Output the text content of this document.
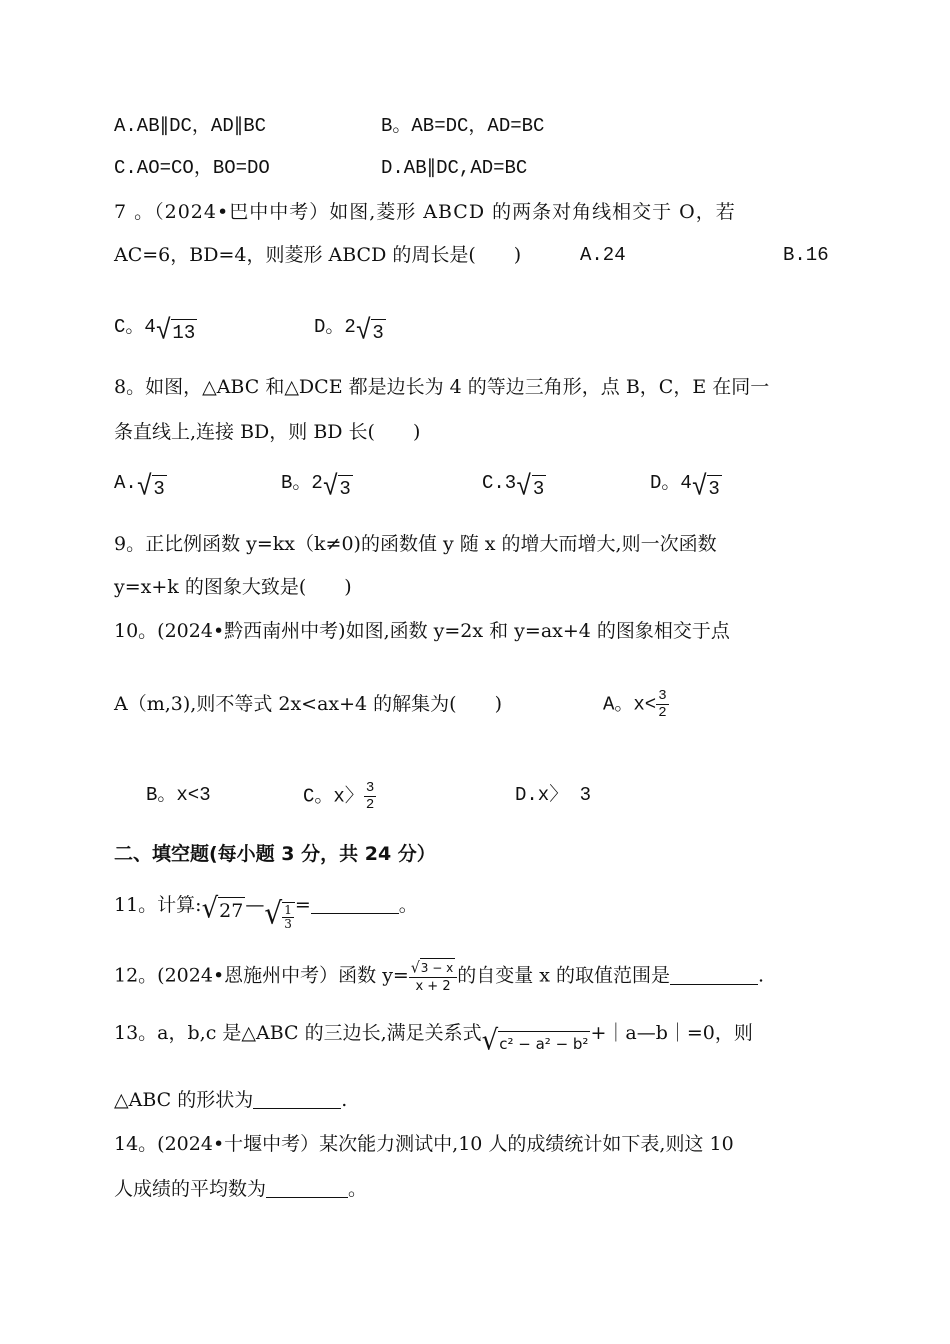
A.AB∥DC，AD∥BC	B。AB=DC，AD=BC
C.AO=CO，BO=DO	D.AB∥DC,AD=BC
7 。（2024•巴中中考）如图,菱形 ABCD 的两条对角线相交于 O，若
AC=6，BD=4，则菱形 ABCD 的周长是(　　)	A.24	B.16
C。4 √ 13	D。2 √ 3
8。如图，△ABC 和△DCE 都是边长为 4 的等边三角形，点 B，C，E 在同一
条直线上,连接 BD，则 BD 长(　　)
A. √ 3	B。2 √ 3	C.3 √ 3	D。4 √ 3
9。正比例函数 y=kx（k≠0)的函数值 y 随 x 的增大而增大,则一次函数
y=x+k 的图象大致是(　　)
10。(2024•黔西南州中考)如图,函数 y=2x 和 y=ax+4 的图象相交于点
A（m,3),则不等式 2x<ax+4 的解集为(　　)	A。$x< \frac{3}{2}$
B。x<3	C。x〉 $\frac{3}{2}$	D.x〉 3
二、填空题(每小题 3 分，共 24 分）
11。计算: √ 27 — √ $\frac{1}{3}$ =	。
12。(2024•恩施州中考）函数 $y= \frac{√ 3 - x}{x + 2}$ 的自变量 x 的取值范围是	.
13。a，b,c 是△ABC 的三边长,满足关系式 √ c² − a² − b² +｜a—b｜=0，则
△ABC 的形状为	.
14。(2024•十堰中考）某次能力测试中,10 人的成绩统计如下表,则这 10
人成绩的平均数为	。
